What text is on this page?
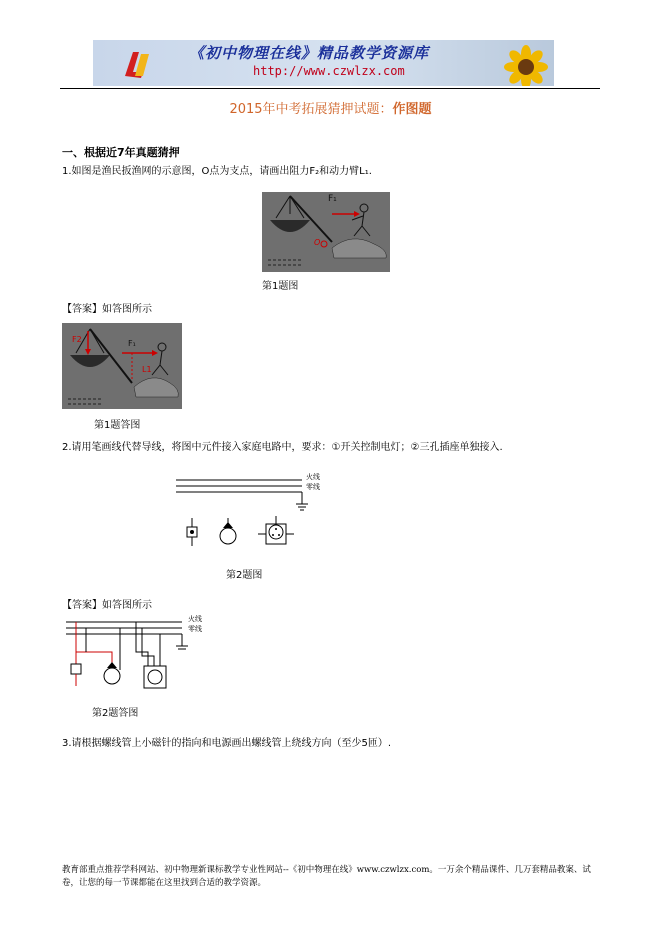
《初中物理在线》精品教学资源库
http://www.czwlzx.com
2015年中考拓展猜押试题：作图题
一、根据近7年真题猜押
1.如图是渔民扳渔网的示意图，O点为支点，请画出阻力F₂和动力臂L₁.
F₁
O
第1题图
【答案】如答图所示
F2	F₁
L1
第1题答图
2.请用笔画线代替导线，将图中元件接入家庭电路中，要求：①开关控制电灯；②三孔插座单独接入.
火线
零线
第2题图
【答案】如答图所示
火线
零线
第2题答图
3.请根据螺线管上小磁针的指向和电源画出螺线管上绕线方向（至少5匝）.
教育部重点推荐学科网站、初中物理新课标教学专业性网站--《初中物理在线》www.czwlzx.com。一万余个精品课件、几万套精品教案、试卷，让您的每一节课都能在这里找到合适的教学资源。
